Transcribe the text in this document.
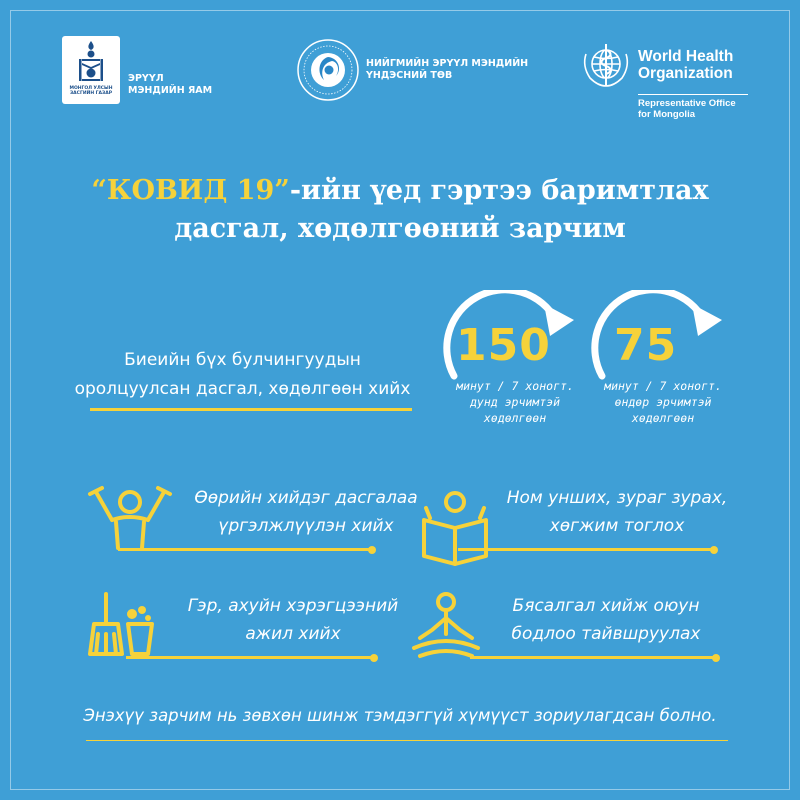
МОНГОЛ УЛСЫН ЗАСГИЙН ГАЗАР
ЭРҮҮЛ
МЭНДИЙН ЯАМ
НИЙГМИЙН ЭРҮҮЛ МЭНДИЙН
ҮНДЭСНИЙ ТӨВ
World Health
Organization
Representative Office
for Mongolia
“КОВИД 19”-ийн үед гэртээ баримтлах
дасгал, хөдөлгөөний зарчим
Биеийн бүх булчингуудын
оролцуулсан дасгал, хөдөлгөөн хийх
150
минут / 7 хоногт.
дунд эрчимтэй
хөдөлгөөн
75
минут / 7 хоногт.
өндөр эрчимтэй
хөдөлгөөн
Өөрийн хийдэг дасгалаа
үргэлжлүүлэн хийх
Ном унших, зураг зурах,
хөгжим тоглох
Гэр, ахуйн хэрэгцээний
ажил хийх
Бясалгал хийж оюун
бодлоо тайвшруулах
Энэхүү зарчим нь зөвхөн шинж тэмдэггүй хүмүүст зориулагдсан болно.
